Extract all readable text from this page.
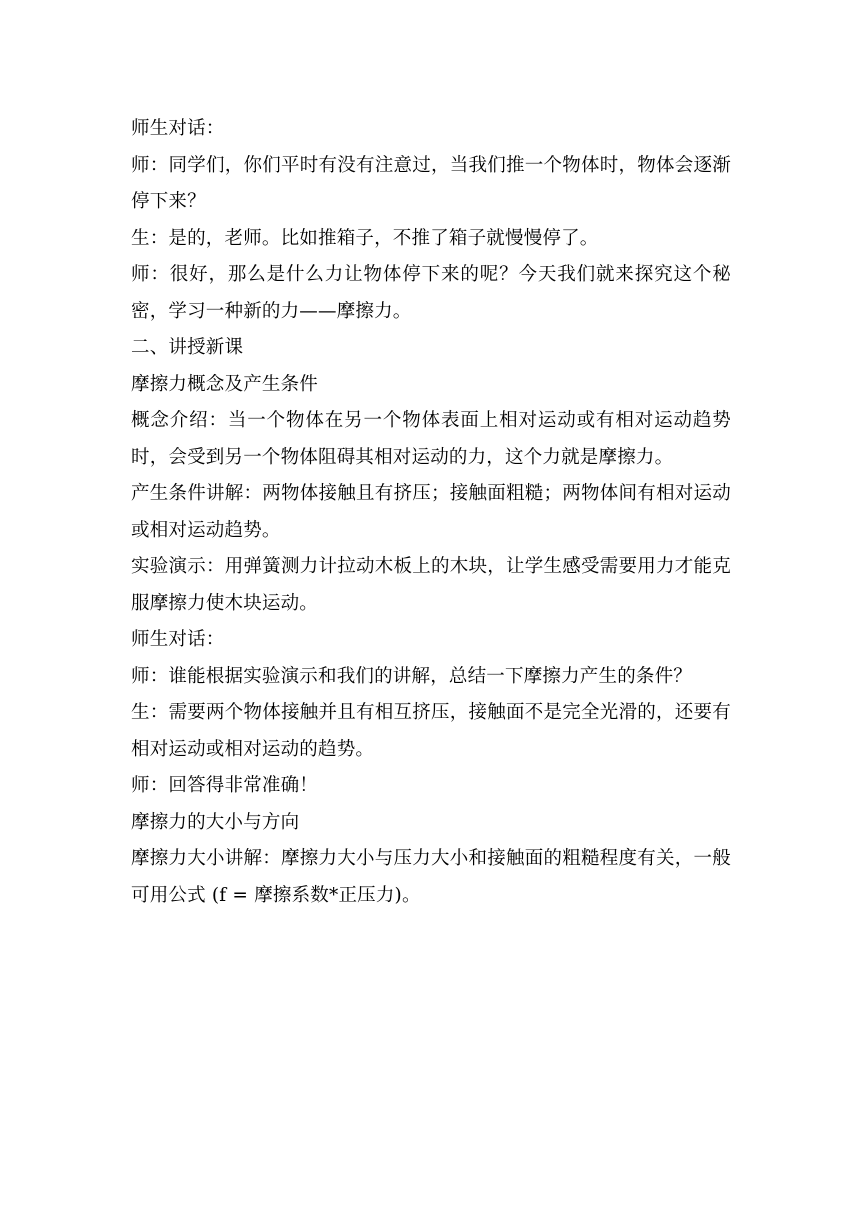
师生对话：

师：同学们，你们平时有没有注意过，当我们推一个物体时，物体会逐渐停下来？

生：是的，老师。比如推箱子，不推了箱子就慢慢停了。

师：很好，那么是什么力让物体停下来的呢？今天我们就来探究这个秘密，学习一种新的力——摩擦力。

二、讲授新课

摩擦力概念及产生条件

概念介绍：当一个物体在另一个物体表面上相对运动或有相对运动趋势时，会受到另一个物体阻碍其相对运动的力，这个力就是摩擦力。

产生条件讲解：两物体接触且有挤压；接触面粗糙；两物体间有相对运动或相对运动趋势。

实验演示：用弹簧测力计拉动木板上的木块，让学生感受需要用力才能克服摩擦力使木块运动。

师生对话：

师：谁能根据实验演示和我们的讲解，总结一下摩擦力产生的条件？

生：需要两个物体接触并且有相互挤压，接触面不是完全光滑的，还要有相对运动或相对运动的趋势。

师：回答得非常准确！

摩擦力的大小与方向

摩擦力大小讲解：摩擦力大小与压力大小和接触面的粗糙程度有关，一般可用公式 (f = 摩擦系数*正压力)。
